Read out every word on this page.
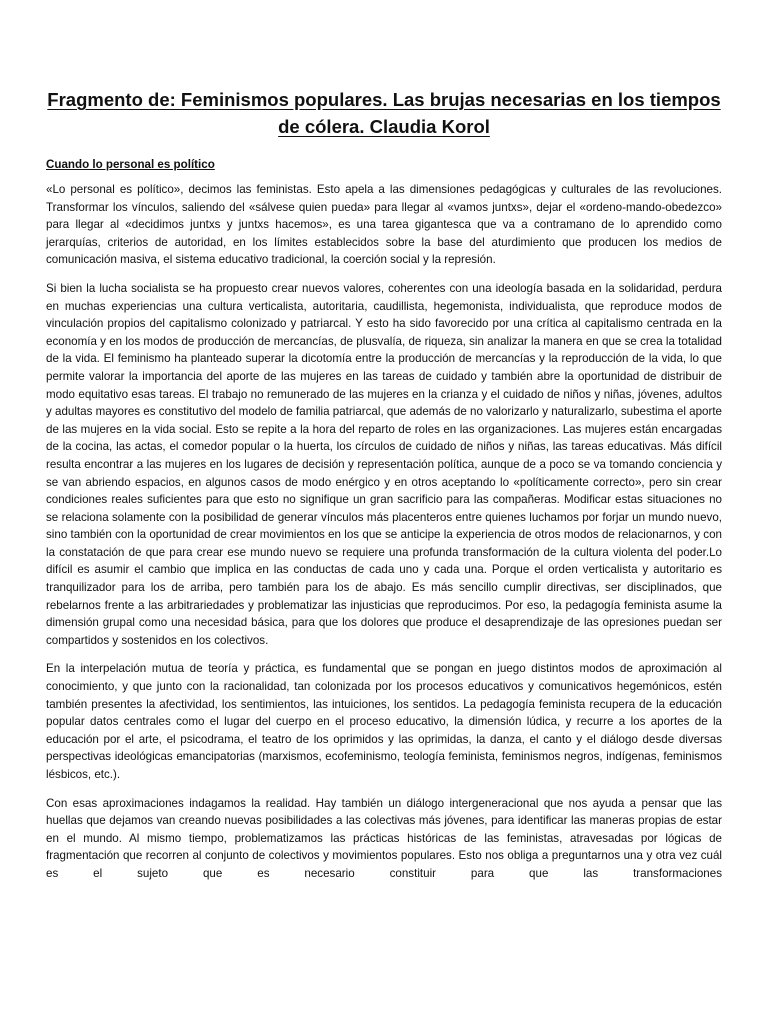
Fragmento de: Feminismos populares. Las brujas necesarias en los tiempos de cólera. Claudia Korol
Cuando lo personal es político

«Lo personal es político», decimos las feministas. Esto apela a las dimensiones pedagógicas y culturales de las revoluciones. Transformar los vínculos, saliendo del «sálvese quien pueda» para llegar al «vamos juntxs», dejar el «ordeno-mando-obedezco» para llegar al «decidimos juntxs y juntxs hacemos», es una tarea gigantesca que va a contramano de lo aprendido como jerarquías, criterios de autoridad, en los límites establecidos sobre la base del aturdimiento que producen los medios de comunicación masiva, el sistema educativo tradicional, la coerción social y la represión.

Si bien la lucha socialista se ha propuesto crear nuevos valores, coherentes con una ideología basada en la solidaridad, perdura en muchas experiencias una cultura verticalista, autoritaria, caudillista, hegemonista, individualista, que reproduce modos de vinculación propios del capitalismo colonizado y patriarcal. Y esto ha sido favorecido por una crítica al capitalismo centrada en la economía y en los modos de producción de mercancías, de plusvalía, de riqueza, sin analizar la manera en que se crea la totalidad de la vida. El feminismo ha planteado superar la dicotomía entre la producción de mercancías y la reproducción de la vida, lo que permite valorar la importancia del aporte de las mujeres en las tareas de cuidado y también abre la oportunidad de distribuir de modo equitativo esas tareas. El trabajo no remunerado de las mujeres en la crianza y el cuidado de niños y niñas, jóvenes, adultos y adultas mayores es constitutivo del modelo de familia patriarcal, que además de no valorizarlo y naturalizarlo, subestima el aporte de las mujeres en la vida social. Esto se repite a la hora del reparto de roles en las organizaciones. Las mujeres están encargadas de la cocina, las actas, el comedor popular o la huerta, los círculos de cuidado de niños y niñas, las tareas educativas. Más difícil resulta encontrar a las mujeres en los lugares de decisión y representación política, aunque de a poco se va tomando conciencia y se van abriendo espacios, en algunos casos de modo enérgico y en otros aceptando lo «políticamente correcto», pero sin crear condiciones reales suficientes para que esto no signifique un gran sacrificio para las compañeras. Modificar estas situaciones no se relaciona solamente con la posibilidad de generar vínculos más placenteros entre quienes luchamos por forjar un mundo nuevo, sino también con la oportunidad de crear movimientos en los que se anticipe la experiencia de otros modos de relacionarnos, y con la constatación de que para crear ese mundo nuevo se requiere una profunda transformación de la cultura violenta del poder.Lo difícil es asumir el cambio que implica en las conductas de cada uno y cada una. Porque el orden verticalista y autoritario es tranquilizador para los de arriba, pero también para los de abajo. Es más sencillo cumplir directivas, ser disciplinados, que rebelarnos frente a las arbitrariedades y problematizar las injusticias que reproducimos. Por eso, la pedagogía feminista asume la dimensión grupal como una necesidad básica, para que los dolores que produce el desaprendizaje de las opresiones puedan ser compartidos y sostenidos en los colectivos.

En la interpelación mutua de teoría y práctica, es fundamental que se pongan en juego distintos modos de aproximación al conocimiento, y que junto con la racionalidad, tan colonizada por los procesos educativos y comunicativos hegemónicos, estén también presentes la afectividad, los sentimientos, las intuiciones, los sentidos. La pedagogía feminista recupera de la educación popular datos centrales como el lugar del cuerpo en el proceso educativo, la dimensión lúdica, y recurre a los aportes de la educación por el arte, el psicodrama, el teatro de los oprimidos y las oprimidas, la danza, el canto y el diálogo desde diversas perspectivas ideológicas emancipatorias (marxismos, ecofeminismo, teología feminista, feminismos negros, indígenas, feminismos lésbicos, etc.).

Con esas aproximaciones indagamos la realidad. Hay también un diálogo intergeneracional que nos ayuda a pensar que las huellas que dejamos van creando nuevas posibilidades a las colectivas más jóvenes, para identificar las maneras propias de estar en el mundo. Al mismo tiempo, problematizamos las prácticas históricas de las feministas, atravesadas por lógicas de fragmentación que recorren al conjunto de colectivos y movimientos populares. Esto nos obliga a preguntarnos una y otra vez cuál es el sujeto que es necesario constituir para que las transformaciones
